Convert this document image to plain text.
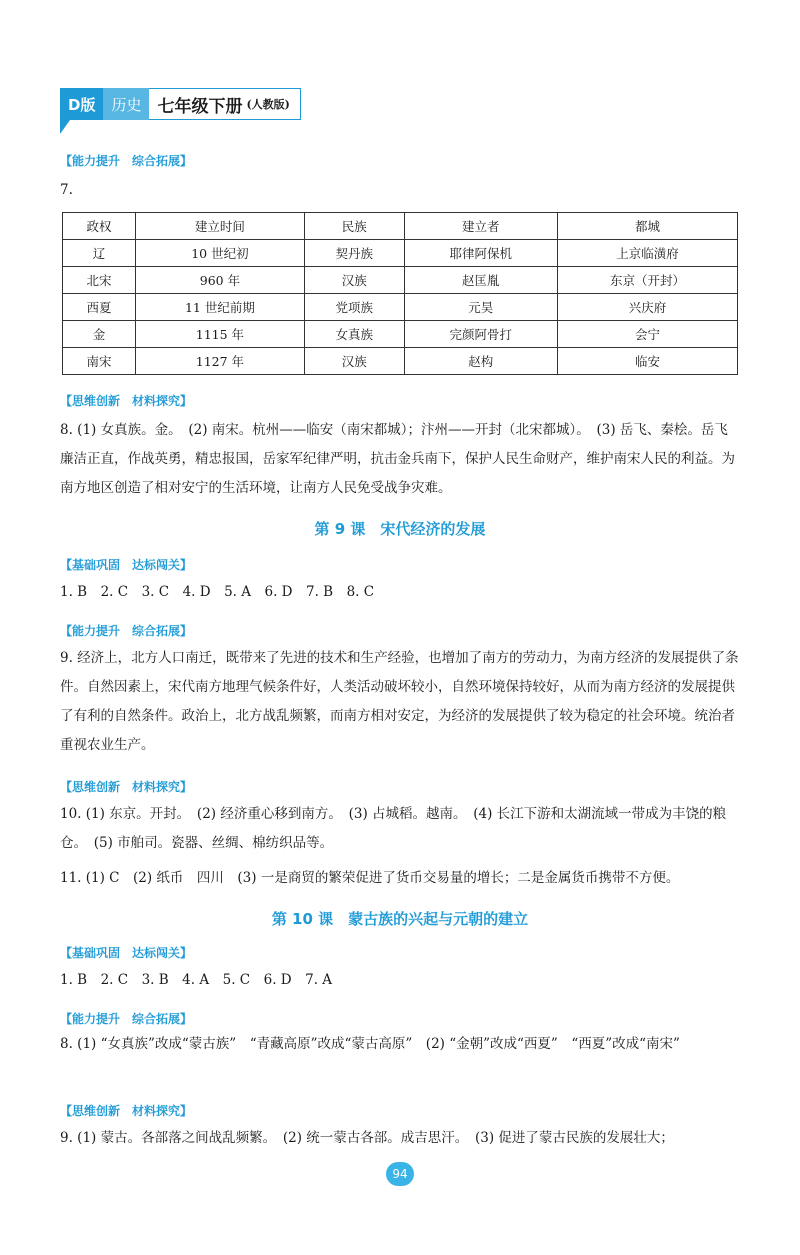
D版	历史 七年级下册 (人教版)
【能力提升　综合拓展】
7.
政权	建立时间	民族	建立者	都城
辽	10 世纪初	契丹族	耶律阿保机	上京临潢府
北宋	960 年	汉族	赵匡胤	东京（开封）
西夏	11 世纪前期	党项族	元昊	兴庆府
金	1115 年	女真族	完颜阿骨打	会宁
南宋	1127 年	汉族	赵构	临安
【思维创新　材料探究】
8. (1) 女真族。金。　(2) 南宋。杭州——临安（南宋都城）；汴州——开封（北宋都城）。　(3) 岳飞、秦桧。岳飞廉洁正直，作战英勇，精忠报国，岳家军纪律严明，抗击金兵南下，保护人民生命财产，维护南宋人民的利益。为南方地区创造了相对安宁的生活环境，让南方人民免受战争灾难。
第 9 课　宋代经济的发展
【基础巩固　达标闯关】
1. B　2. C　3. C　4. D　5. A　6. D　7. B　8. C
【能力提升　综合拓展】
9. 经济上，北方人口南迁，既带来了先进的技术和生产经验，也增加了南方的劳动力，为南方经济的发展提供了条件。自然因素上，宋代南方地理气候条件好，人类活动破坏较小，自然环境保持较好，从而为南方经济的发展提供了有利的自然条件。政治上，北方战乱频繁，而南方相对安定，为经济的发展提供了较为稳定的社会环境。统治者重视农业生产。
【思维创新　材料探究】
10. (1) 东京。开封。　(2) 经济重心移到南方。　(3) 占城稻。越南。　(4) 长江下游和太湖流域一带成为丰饶的粮仓。　(5) 市舶司。瓷器、丝绸、棉纺织品等。
11. (1) C　(2) 纸币　四川　(3) 一是商贸的繁荣促进了货币交易量的增长；二是金属货币携带不方便。
第 10 课　蒙古族的兴起与元朝的建立
【基础巩固　达标闯关】
1. B　2. C　3. B　4. A　5. C　6. D　7. A
【能力提升　综合拓展】
8. (1) “女真族”改成“蒙古族”　“青藏高原”改成“蒙古高原”　(2) “金朝”改成“西夏”　“西夏”改成“南宋”
【思维创新　材料探究】
9. (1) 蒙古。各部落之间战乱频繁。　(2) 统一蒙古各部。成吉思汗。　(3) 促进了蒙古民族的发展壮大；
94
